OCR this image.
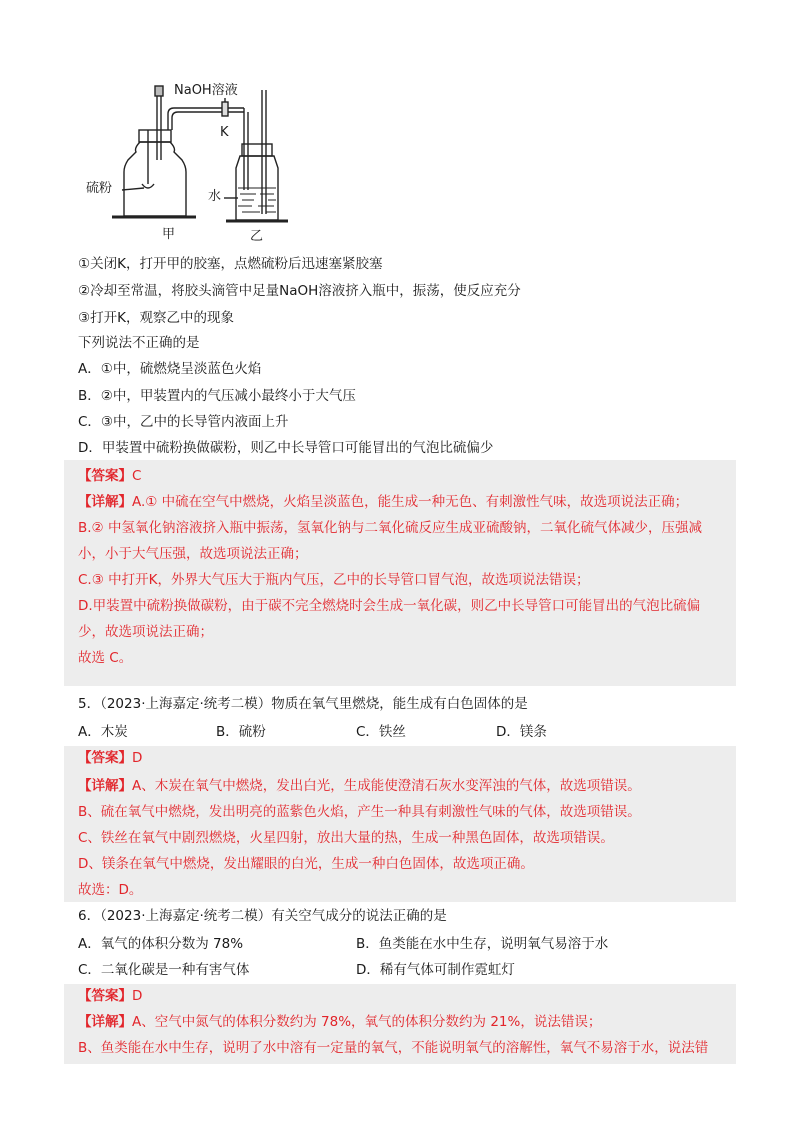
NaOH溶液
K
硫粉
水
甲	乙
①关闭K，打开甲的胶塞，点燃硫粉后迅速塞紧胶塞
②冷却至常温，将胶头滴管中足量NaOH溶液挤入瓶中，振荡，使反应充分
③打开K，观察乙中的现象
下列说法不正确的是
A．①中，硫燃烧呈淡蓝色火焰
B．②中，甲装置内的气压减小最终小于大气压
C．③中，乙中的长导管内液面上升
D．甲装置中硫粉换做碳粉，则乙中长导管口可能冒出的气泡比硫偏少
【答案】C
【详解】A.① 中硫在空气中燃烧，火焰呈淡蓝色，能生成一种无色、有刺激性气味，故选项说法正确；
B.② 中氢氧化钠溶液挤入瓶中振荡，氢氧化钠与二氧化硫反应生成亚硫酸钠，二氧化硫气体减少，压强减
小，小于大气压强，故选项说法正确；
C.③ 中打开K，外界大气压大于瓶内气压，乙中的长导管口冒气泡，故选项说法错误；
D.甲装置中硫粉换做碳粉，由于碳不完全燃烧时会生成一氧化碳，则乙中长导管口可能冒出的气泡比硫偏
少，故选项说法正确；
故选 C。
5．（2023·上海嘉定·统考二模）物质在氧气里燃烧，能生成有白色固体的是
A．木炭	B．硫粉	C．铁丝	D．镁条
【答案】D
【详解】A、木炭在氧气中燃烧，发出白光，生成能使澄清石灰水变浑浊的气体，故选项错误。
B、硫在氧气中燃烧，发出明亮的蓝紫色火焰，产生一种具有刺激性气味的气体，故选项错误。
C、铁丝在氧气中剧烈燃烧，火星四射，放出大量的热，生成一种黑色固体，故选项错误。
D、镁条在氧气中燃烧，发出耀眼的白光，生成一种白色固体，故选项正确。
故选：D。
6．（2023·上海嘉定·统考二模）有关空气成分的说法正确的是
A．氧气的体积分数为 78%	B．鱼类能在水中生存，说明氧气易溶于水
C．二氧化碳是一种有害气体	D．稀有气体可制作霓虹灯
【答案】D
【详解】A、空气中氮气的体积分数约为 78%，氧气的体积分数约为 21%，说法错误；
B、鱼类能在水中生存，说明了水中溶有一定量的氧气，不能说明氧气的溶解性，氧气不易溶于水，说法错
